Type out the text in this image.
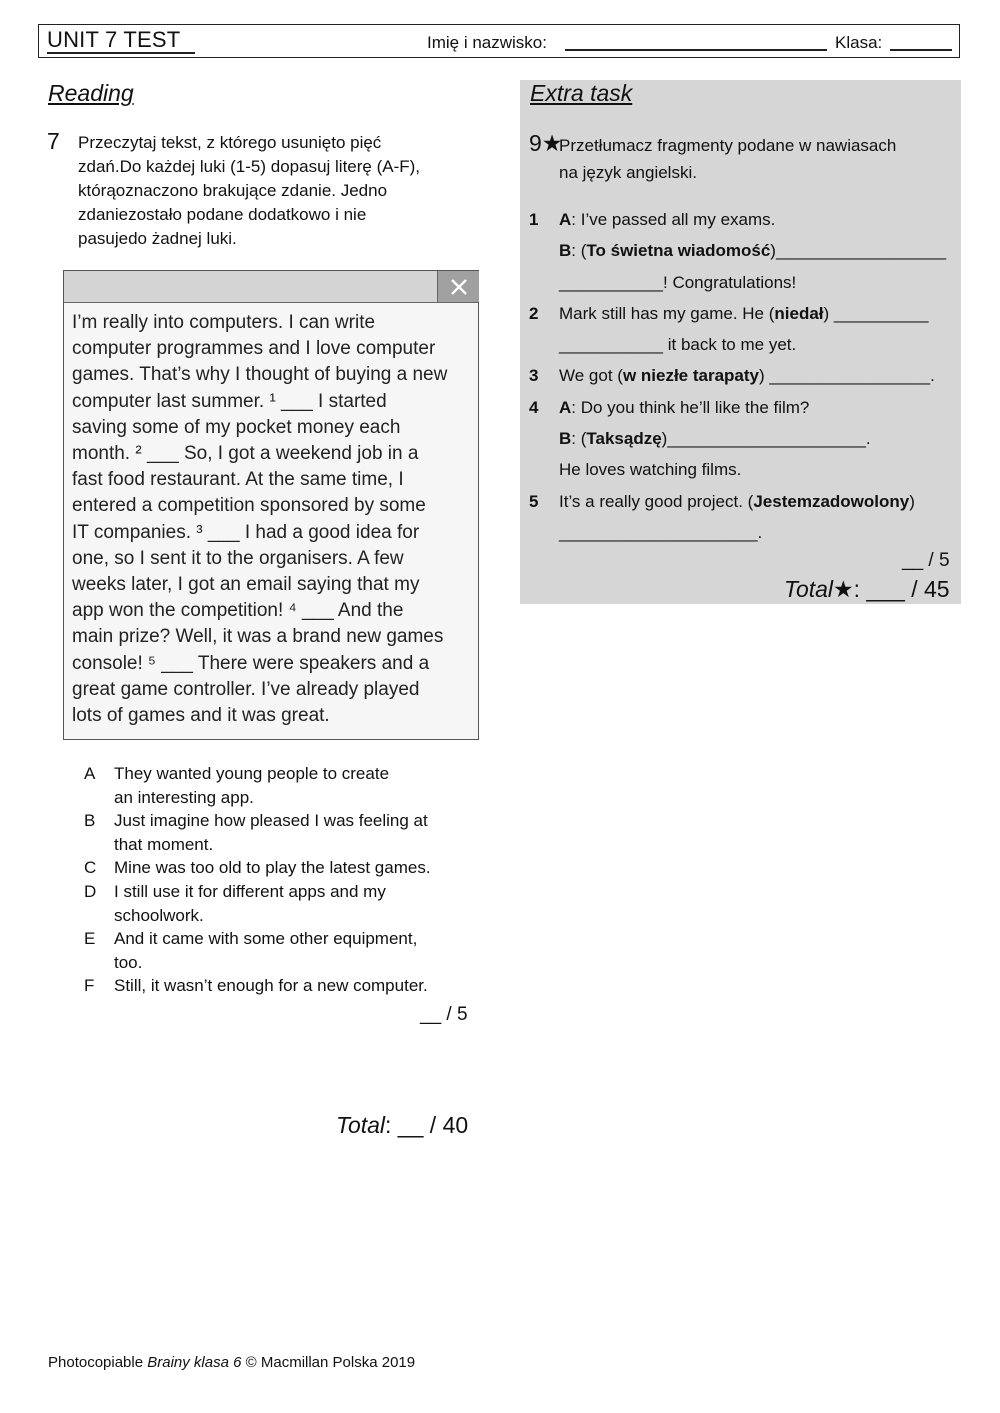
UNIT 7 TEST	Imię i nazwisko:	Klasa:
Reading
7 Przeczytaj tekst, z którego usunięto pięć
zdań.Do każdej luki (1-5) dopasuj literę (A-F),
którąoznaczono brakujące zdanie. Jedno
zdaniezostało podane dodatkowo i nie
pasujedo żadnej luki.
I’m really into computers. I can write
computer programmes and I love computer
games. That’s why I thought of buying a new
computer last summer. ¹ ___ I started
saving some of my pocket money each
month. ² ___ So, I got a weekend job in a
fast food restaurant. At the same time, I
entered a competition sponsored by some
IT companies. ³ ___ I had a good idea for
one, so I sent it to the organisers. A few
weeks later, I got an email saying that my
app won the competition! ⁴ ___ And the
main prize? Well, it was a brand new games
console! ⁵ ___ There were speakers and a
great game controller. I’ve already played
lots of games and it was great.
A They wanted young people to create
an interesting app.
B Just imagine how pleased I was feeling at
that moment.
C Mine was too old to play the latest games.
D I still use it for different apps and my
schoolwork.
E And it came with some other equipment,
too.
F Still, it wasn’t enough for a new computer.
__ / 5
Total: __ / 40
Extra task
9★
Przetłumacz fragmenty podane w nawiasach
na język angielski.
1 A: I’ve passed all my exams.
B: (To świetna wiadomość)__________________
___________! Congratulations!
2 Mark still has my game. He (niedał) __________
___________ it back to me yet.
3 We got (w niezłe tarapaty) _________________.
4 A: Do you think he’ll like the film?
B: (Taksądzę)_____________________.
He loves watching films.
5 It’s a really good project. (Jestemzadowolony)
_____________________.
__ / 5
Total★: ___ / 45
Photocopiable Brainy klasa 6 © Macmillan Polska 2019
